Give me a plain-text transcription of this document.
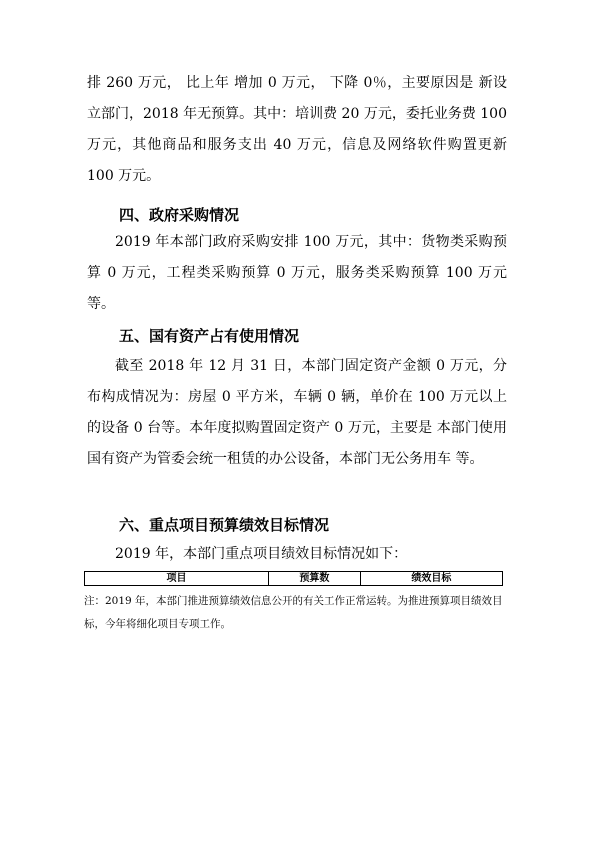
排 260 万元， 比上年 增加 0 万元， 下降 0％，主要原因是 新设立部门，2018 年无预算。其中：培训费 20 万元，委托业务费 100 万元，其他商品和服务支出 40 万元，信息及网络软件购置更新 100 万元。

四、政府采购情况

2019 年本部门政府采购安排 100 万元，其中：货物类采购预算 0 万元，工程类采购预算 0 万元，服务类采购预算 100 万元等。

五、国有资产占有使用情况

截至 2018 年 12 月 31 日，本部门固定资产金额 0 万元，分布构成情况为：房屋 0 平方米，车辆 0 辆，单价在 100 万元以上的设备 0 台等。本年度拟购置固定资产 0 万元，主要是 本部门使用国有资产为管委会统一租赁的办公设备，本部门无公务用车 等。

六、重点项目预算绩效目标情况

2019 年，本部门重点项目绩效目标情况如下：

项目	预算数	绩效目标

注：2019 年，本部门推进预算绩效信息公开的有关工作正常运转。为推进预算项目绩效目标，今年将细化项目专项工作。
